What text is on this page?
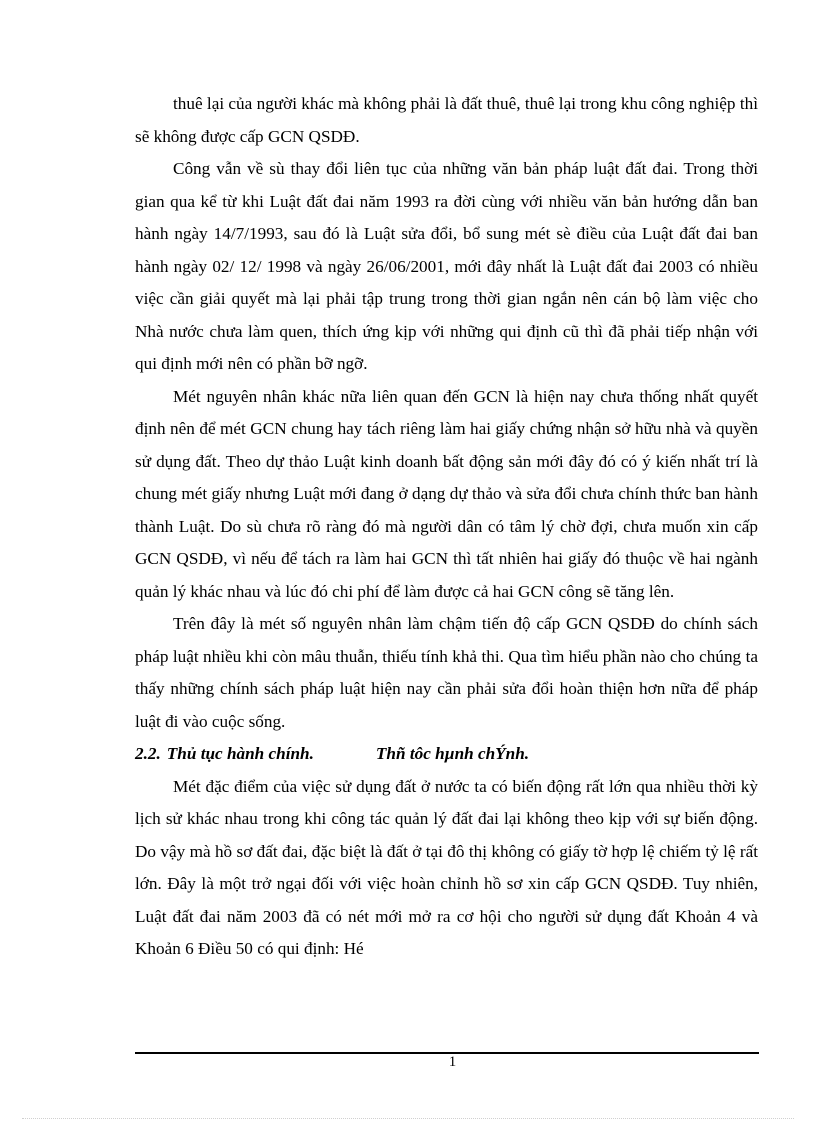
thuê lại của người khác mà không phải là đất thuê, thuê lại trong khu công nghiệp thì sẽ không được cấp GCN QSDĐ.

Công vẫn về sù thay đổi liên tục của những văn bản pháp luật đất đai. Trong thời gian qua kể từ khi Luật đất đai năm 1993 ra đời cùng với nhiều văn bản hướng dẫn ban hành ngày 14/7/1993, sau đó là Luật sửa đổi, bổ sung mét sè điều của Luật đất đai ban hành ngày 02/ 12/ 1998 và ngày 26/06/2001, mới đây nhất là Luật đất đai 2003 có nhiều việc cần giải quyết mà lại phải tập trung trong thời gian ngắn nên cán bộ làm việc cho Nhà nước chưa làm quen, thích ứng kịp với những qui định cũ thì đã phải tiếp nhận với qui định mới nên có phần bỡ ngỡ.

Mét nguyên nhân khác nữa liên quan đến GCN là hiện nay chưa thống nhất quyết định nên để mét GCN chung hay tách riêng làm hai giấy chứng nhận sở hữu nhà và quyền sử dụng đất. Theo dự thảo Luật kinh doanh bất động sản mới đây đó có ý kiến nhất trí là chung mét giấy nhưng Luật mới đang ở dạng dự thảo và sửa đổi chưa chính thức ban hành thành Luật. Do sù chưa rõ ràng đó mà người dân có tâm lý chờ đợi, chưa muốn xin cấp GCN QSDĐ, vì nếu để tách ra làm hai GCN thì tất nhiên hai giấy đó thuộc về hai ngành quản lý khác nhau và lúc đó chi phí để làm được cả hai GCN công sẽ tăng lên.

Trên đây là mét số nguyên nhân làm chậm tiến độ cấp GCN QSDĐ do chính sách pháp luật nhiều khi còn mâu thuẫn, thiếu tính khả thi. Qua tìm hiểu phần nào cho chúng ta thấy những chính sách pháp luật hiện nay cần phải sửa đổi hoàn thiện hơn nữa để pháp luật đi vào cuộc sống.

2.2. Thủ tục hành chính.	Thñ tôc hµnh chÝnh.

Mét đặc điểm của việc sử dụng đất ở nước ta có biến động rất lớn qua nhiều thời kỳ lịch sử khác nhau trong khi công tác quản lý đất đai lại không theo kịp với sự biến động. Do vậy mà hồ sơ đất đai, đặc biệt là đất ở tại đô thị không có giấy tờ hợp lệ chiếm tỷ lệ rất lớn. Đây là một trở ngại đối với việc hoàn chỉnh hồ sơ xin cấp GCN QSDĐ. Tuy nhiên, Luật đất đai năm 2003 đã có nét mới mở ra cơ hội cho người sử dụng đất Khoản 4 và Khoản 6 Điều 50 có qui định: Hé

1
